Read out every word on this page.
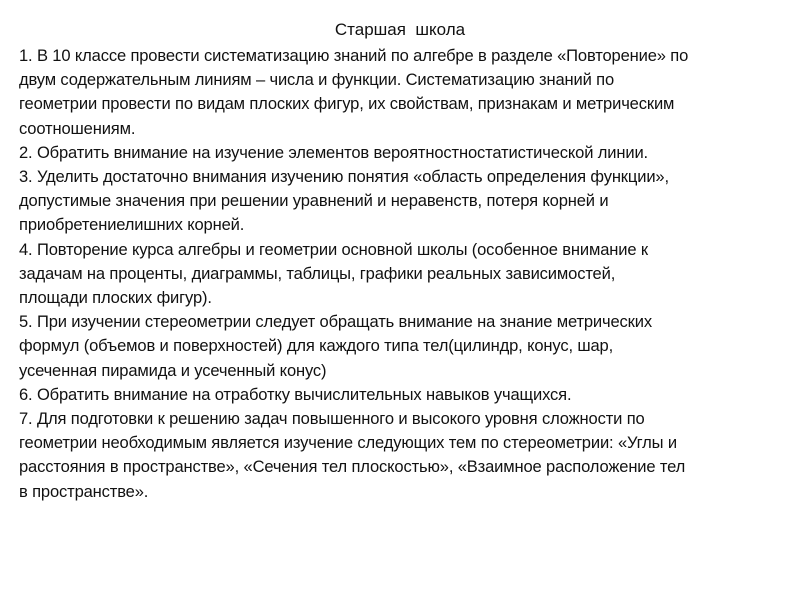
Старшая  школа
1. В 10 классе провести систематизацию знаний по алгебре в разделе «Повторение» по
двум содержательным линиям – числа и функции. Систематизацию знаний по
геометрии провести по видам плоских фигур, их свойствам, признакам и метрическим
соотношениям.
2. Обратить внимание на изучение элементов вероятностностатистической линии.
3. Уделить достаточно внимания изучению понятия «область определения функции»,
допустимые значения при решении уравнений и неравенств, потеря корней и
приобретениелишних корней.
4. Повторение курса алгебры и геометрии основной школы (особенное внимание к
задачам на проценты, диаграммы, таблицы, графики реальных зависимостей,
площади плоских фигур).
5. При изучении стереометрии следует обращать внимание на знание метрических
формул (объемов и поверхностей) для каждого типа тел(цилиндр, конус, шар,
усеченная пирамида и усеченный конус)
6. Обратить внимание на отработку вычислительных навыков учащихся.
7. Для подготовки к решению задач повышенного и высокого уровня сложности по
геометрии необходимым является изучение следующих тем по стереометрии: «Углы и
расстояния в пространстве», «Сечения тел плоскостью», «Взаимное расположение тел
в пространстве».
